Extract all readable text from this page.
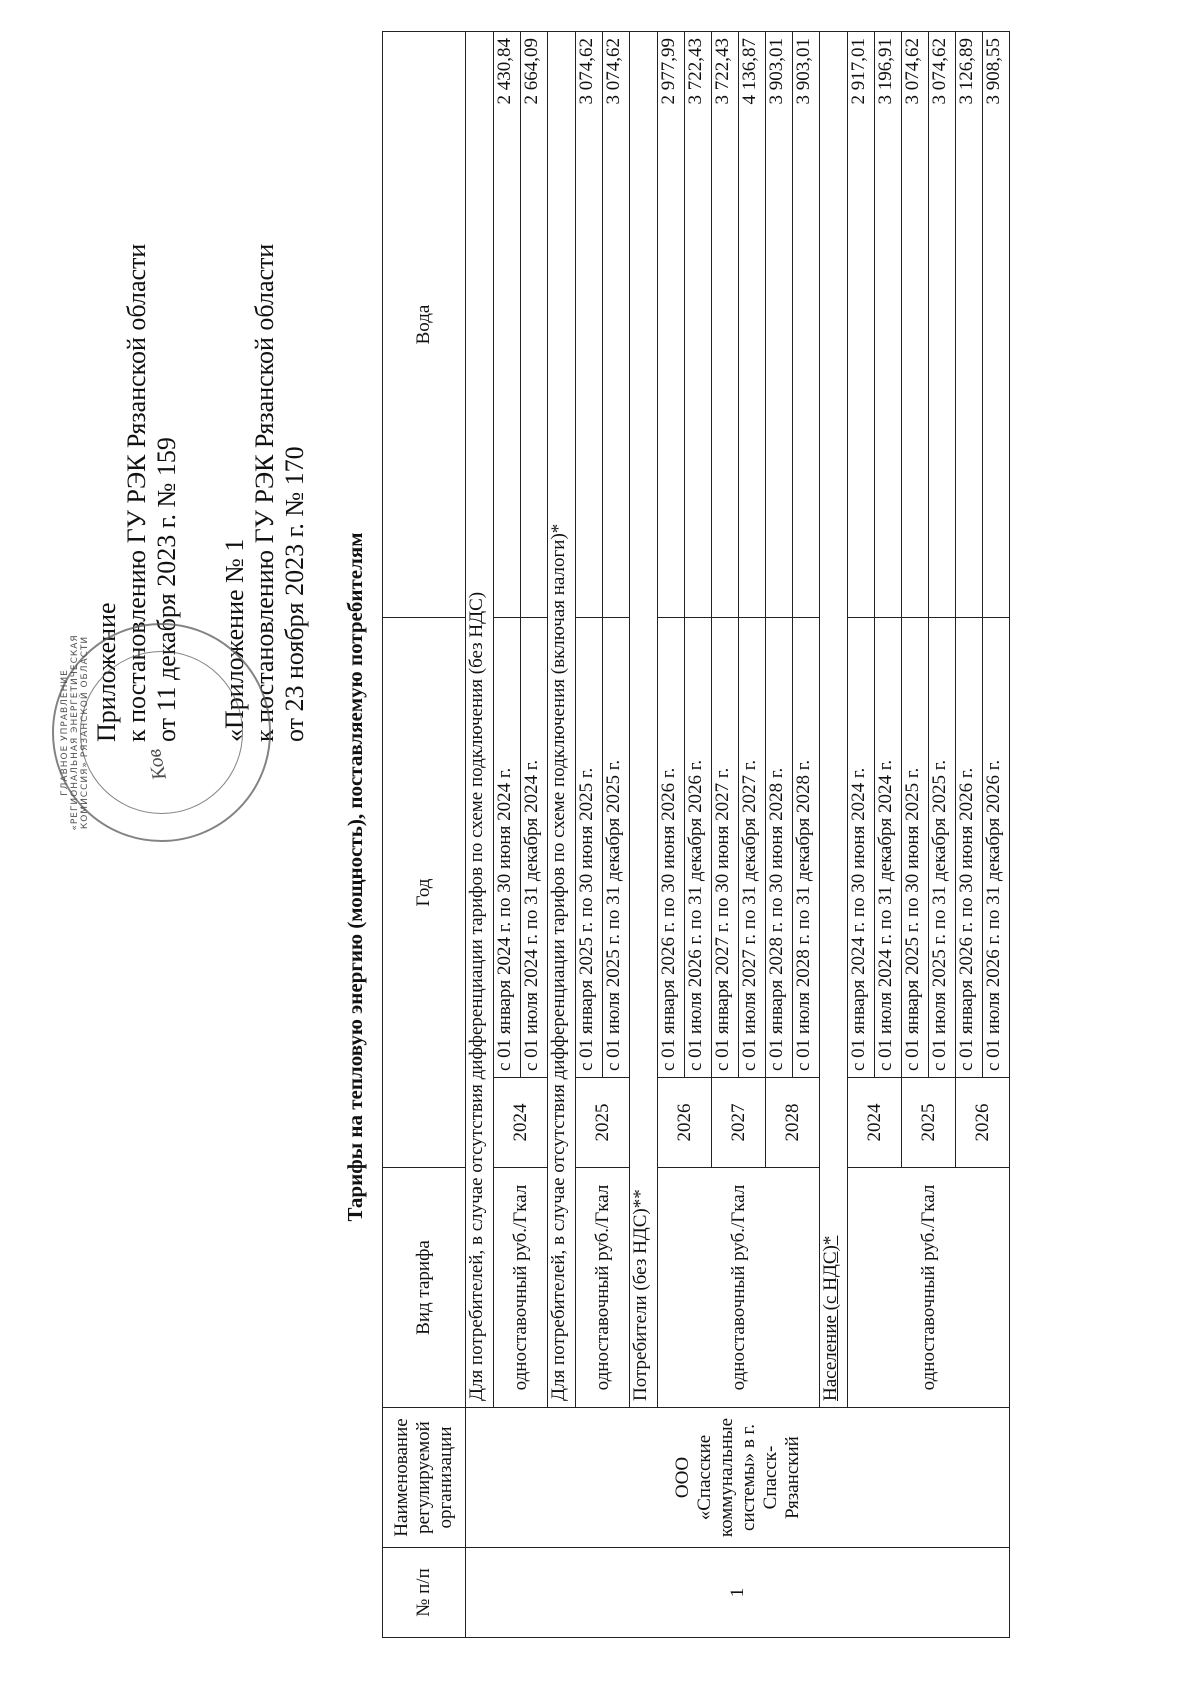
Приложение к постановлению ГУ РЭК Рязанской области от 11 декабря 2023 г. № 159 «Приложение № 1 к постановлению ГУ РЭК Рязанской области от 23 ноября 2023 г. № 170
ГЛАВНОЕ УПРАВЛЕНИЕ «РЕГИОНАЛЬНАЯ ЭНЕРГЕТИЧЕСКАЯ КОМИССИЯ» РЯЗАНСКОЙ ОБЛАСТИ	Ков	Тарифы на тепловую энергию (мощность), поставляемую потребителям
№ п/п	Наименование регулируемой организации	Вид тарифа	Год		Вода
1	ООО «Спасские коммунальные системы» в г. Спасск-Рязанский	Для потребителей, в случае отсутствия дифференциации тарифов по схеме подключения (без НДС)			
		одноставочный руб./Гкал	2024	с 01 января 2024 г. по 30 июня 2024 г.	2 430,84
				с 01 июля 2024 г. по 31 декабря 2024 г.	2 664,09
		Для потребителей, в случае отсутствия дифференциации тарифов по схеме подключения (включая налоги)*			
		одноставочный руб./Гкал	2025	с 01 января 2025 г. по 30 июня 2025 г.	3 074,62
				с 01 июля 2025 г. по 31 декабря 2025 г.	3 074,62
		Потребители (без НДС)**			
		одноставочный руб./Гкал	2026	с 01 января 2026 г. по 30 июня 2026 г.	2 977,99
				с 01 июля 2026 г. по 31 декабря 2026 г.	3 722,43
			2027	с 01 января 2027 г. по 30 июня 2027 г.	3 722,43
				с 01 июля 2027 г. по 31 декабря 2027 г.	4 136,87
			2028	с 01 января 2028 г. по 30 июня 2028 г.	3 903,01
				с 01 июля 2028 г. по 31 декабря 2028 г.	3 903,01
		Население (с НДС)*			
		одноставочный руб./Гкал	2024	с 01 января 2024 г. по 30 июня 2024 г.	2 917,01
				с 01 июля 2024 г. по 31 декабря 2024 г.	3 196,91
			2025	с 01 января 2025 г. по 30 июня 2025 г.	3 074,62
				с 01 июля 2025 г. по 31 декабря 2025 г.	3 074,62
			2026	с 01 января 2026 г. по 30 июня 2026 г.	3 126,89
				с 01 июля 2026 г. по 31 декабря 2026 г.	3 908,55
